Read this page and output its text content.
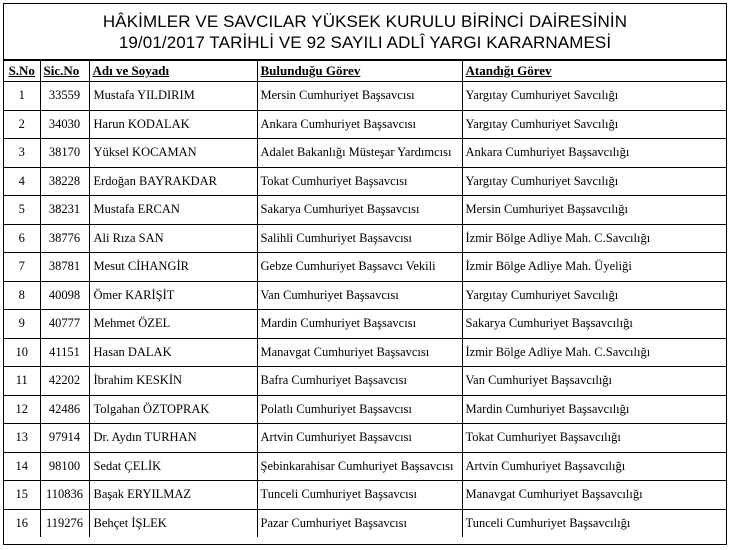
HÂKİMLER VE SAVCILAR YÜKSEK KURULU BİRİNCİ DAİRESİNİN
19/01/2017 TARİHLİ VE 92 SAYILI ADLÎ YARGI KARARNAMESİ
S.No	Sic.No	Adı ve Soyadı	Bulunduğu Görev	Atandığı Görev
1	33559	Mustafa YILDIRIM	Mersin Cumhuriyet Başsavcısı	Yargıtay Cumhuriyet Savcılığı
2	34030	Harun KODALAK	Ankara Cumhuriyet Başsavcısı	Yargıtay Cumhuriyet Savcılığı
3	38170	Yüksel KOCAMAN	Adalet Bakanlığı Müsteşar Yardımcısı	Ankara Cumhuriyet Başsavcılığı
4	38228	Erdoğan BAYRAKDAR	Tokat Cumhuriyet Başsavcısı	Yargıtay Cumhuriyet Savcılığı
5	38231	Mustafa ERCAN	Sakarya Cumhuriyet Başsavcısı	Mersin Cumhuriyet Başsavcılığı
6	38776	Ali Rıza SAN	Salihli Cumhuriyet Başsavcısı	İzmir Bölge Adliye Mah. C.Savcılığı
7	38781	Mesut CİHANGİR	Gebze Cumhuriyet Başsavcı Vekili	İzmir Bölge Adliye Mah. Üyeliği
8	40098	Ömer KARİŞİT	Van Cumhuriyet Başsavcısı	Yargıtay Cumhuriyet Savcılığı
9	40777	Mehmet ÖZEL	Mardin Cumhuriyet Başsavcısı	Sakarya Cumhuriyet Başsavcılığı
10	41151	Hasan DALAK	Manavgat Cumhuriyet Başsavcısı	İzmir Bölge Adliye Mah. C.Savcılığı
11	42202	İbrahim KESKİN	Bafra Cumhuriyet Başsavcısı	Van Cumhuriyet Başsavcılığı
12	42486	Tolgahan ÖZTOPRAK	Polatlı Cumhuriyet Başsavcısı	Mardin Cumhuriyet Başsavcılığı
13	97914	Dr. Aydın TURHAN	Artvin Cumhuriyet Başsavcısı	Tokat Cumhuriyet Başsavcılığı
14	98100	Sedat ÇELİK	Şebinkarahisar Cumhuriyet Başsavcısı	Artvin Cumhuriyet Başsavcılığı
15	110836	Başak ERYILMAZ	Tunceli Cumhuriyet Başsavcısı	Manavgat Cumhuriyet Başsavcılığı
16	119276	Behçet İŞLEK	Pazar Cumhuriyet Başsavcısı	Tunceli Cumhuriyet Başsavcılığı
